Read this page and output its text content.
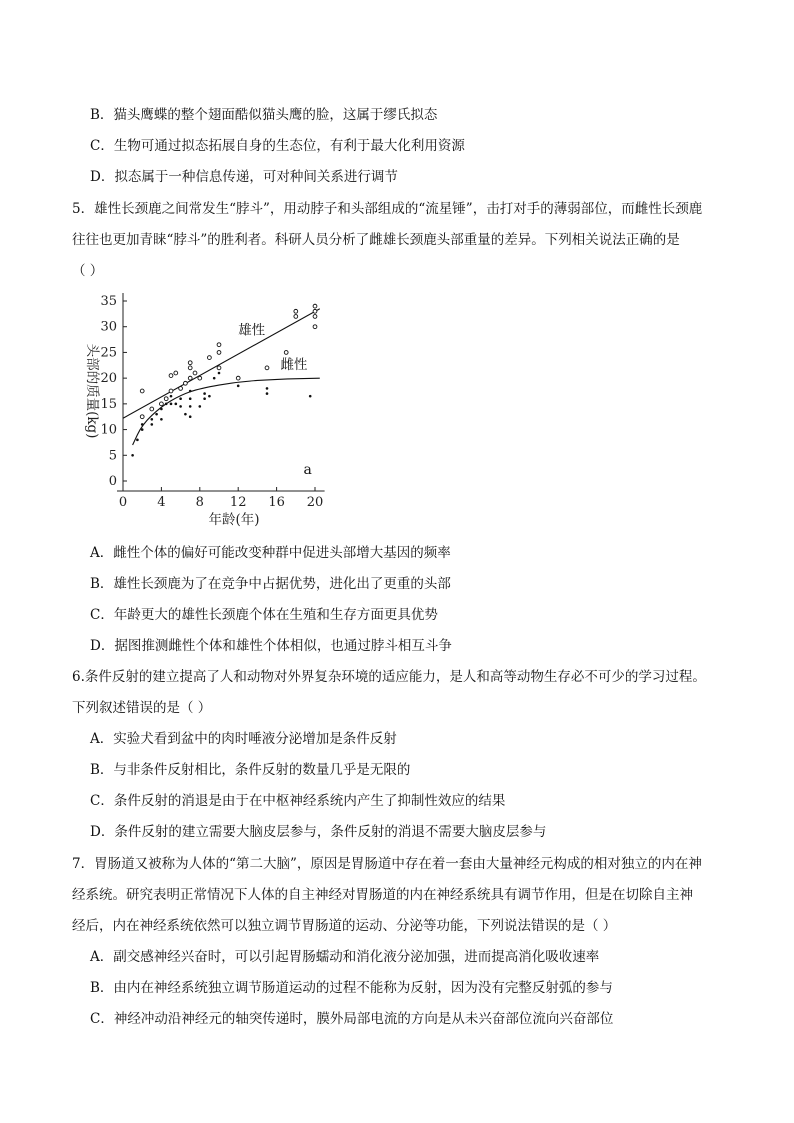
B．猫头鹰蝶的整个翅面酷似猫头鹰的脸，这属于缪氏拟态
C．生物可通过拟态拓展自身的生态位，有利于最大化利用资源
D．拟态属于一种信息传递，可对种间关系进行调节
5．雄性长颈鹿之间常发生“脖斗”，用动脖子和头部组成的“流星锤”，击打对手的薄弱部位，而雌性长颈鹿
往往也更加青睐“脖斗”的胜利者。科研人员分析了雌雄长颈鹿头部重量的差异。下列相关说法正确的是
（ ）
0
5
10
15
20
25
30
35
0 4 8 12 16 20
年龄(年)
头部的质量(kg)
雄性
雌性
a
A．雌性个体的偏好可能改变种群中促进头部增大基因的频率
B．雄性长颈鹿为了在竞争中占据优势，进化出了更重的头部
C．年龄更大的雄性长颈鹿个体在生殖和生存方面更具优势
D．据图推测雌性个体和雄性个体相似，也通过脖斗相互斗争
6.条件反射的建立提高了人和动物对外界复杂环境的适应能力，是人和高等动物生存必不可少的学习过程。
下列叙述错误的是（ ）
A．实验犬看到盆中的肉时唾液分泌增加是条件反射
B．与非条件反射相比，条件反射的数量几乎是无限的
C．条件反射的消退是由于在中枢神经系统内产生了抑制性效应的结果
D．条件反射的建立需要大脑皮层参与，条件反射的消退不需要大脑皮层参与
7．胃肠道又被称为人体的“第二大脑”，原因是胃肠道中存在着一套由大量神经元构成的相对独立的内在神
经系统。研究表明正常情况下人体的自主神经对胃肠道的内在神经系统具有调节作用，但是在切除自主神
经后，内在神经系统依然可以独立调节胃肠道的运动、分泌等功能，下列说法错误的是（ ）
A．副交感神经兴奋时，可以引起胃肠蠕动和消化液分泌加强，进而提高消化吸收速率
B．由内在神经系统独立调节肠道运动的过程不能称为反射，因为没有完整反射弧的参与
C．神经冲动沿神经元的轴突传递时，膜外局部电流的方向是从未兴奋部位流向兴奋部位
